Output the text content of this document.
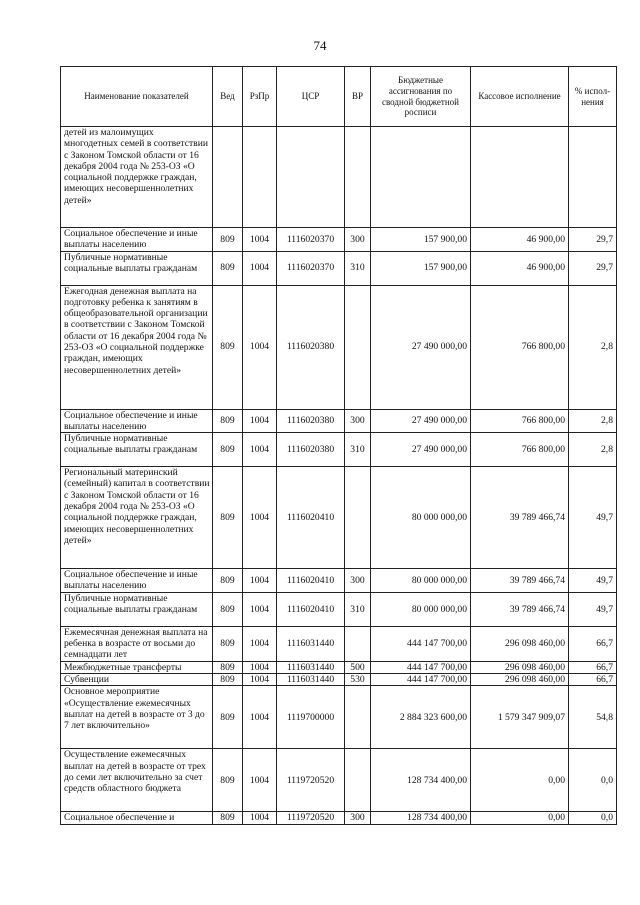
74
Наименование показателей	Вед	РзПр	ЦСР	ВР	Бюджетные ассигнования по сводной бюджетной росписи	Кассовое исполнение	% испол-нения
детей из малоимущих многодетных семей в соответствии с Законом Томской области от 16 декабря 2004 года № 253-ОЗ «О социальной поддержке граждан, имеющих несовершеннолетних детей»							
Социальное обеспечение и иные выплаты населению	809	1004	1116020370	300	157 900,00	46 900,00	29,7
Публичные нормативные социальные выплаты гражданам	809	1004	1116020370	310	157 900,00	46 900,00	29,7
Ежегодная денежная выплата на подготовку ребенка к занятиям в общеобразовательной организации в соответствии с Законом Томской области от 16 декабря 2004 года № 253-ОЗ «О социальной поддержке граждан, имеющих несовершеннолетних детей»	809	1004	1116020380		27 490 000,00	766 800,00	2,8
Социальное обеспечение и иные выплаты населению	809	1004	1116020380	300	27 490 000,00	766 800,00	2,8
Публичные нормативные социальные выплаты гражданам	809	1004	1116020380	310	27 490 000,00	766 800,00	2,8
Региональный материнский (семейный) капитал в соответствии с Законом Томской области от 16 декабря 2004 года № 253-ОЗ «О социальной поддержке граждан, имеющих несовершеннолетних детей»	809	1004	1116020410		80 000 000,00	39 789 466,74	49,7
Социальное обеспечение и иные выплаты населению	809	1004	1116020410	300	80 000 000,00	39 789 466,74	49,7
Публичные нормативные социальные выплаты гражданам	809	1004	1116020410	310	80 000 000,00	39 789 466,74	49,7
Ежемесячная денежная выплата на ребенка в возрасте от восьми до семнадцати лет	809	1004	1116031440		444 147 700,00	296 098 460,00	66,7
Межбюджетные трансферты	809	1004	1116031440	500	444 147 700,00	296 098 460,00	66,7
Субвенции	809	1004	1116031440	530	444 147 700,00	296 098 460,00	66,7
Основное мероприятие «Осуществление ежемесячных выплат на детей в возрасте от 3 до 7 лет включительно»	809	1004	1119700000		2 884 323 600,00	1 579 347 909,07	54,8
Осуществление ежемесячных выплат на детей в возрасте от трех до семи лет включительно за счет средств областного бюджета	809	1004	1119720520		128 734 400,00	0,00	0,0
Социальное обеспечение и	809	1004	1119720520	300	128 734 400,00	0,00	0,0
